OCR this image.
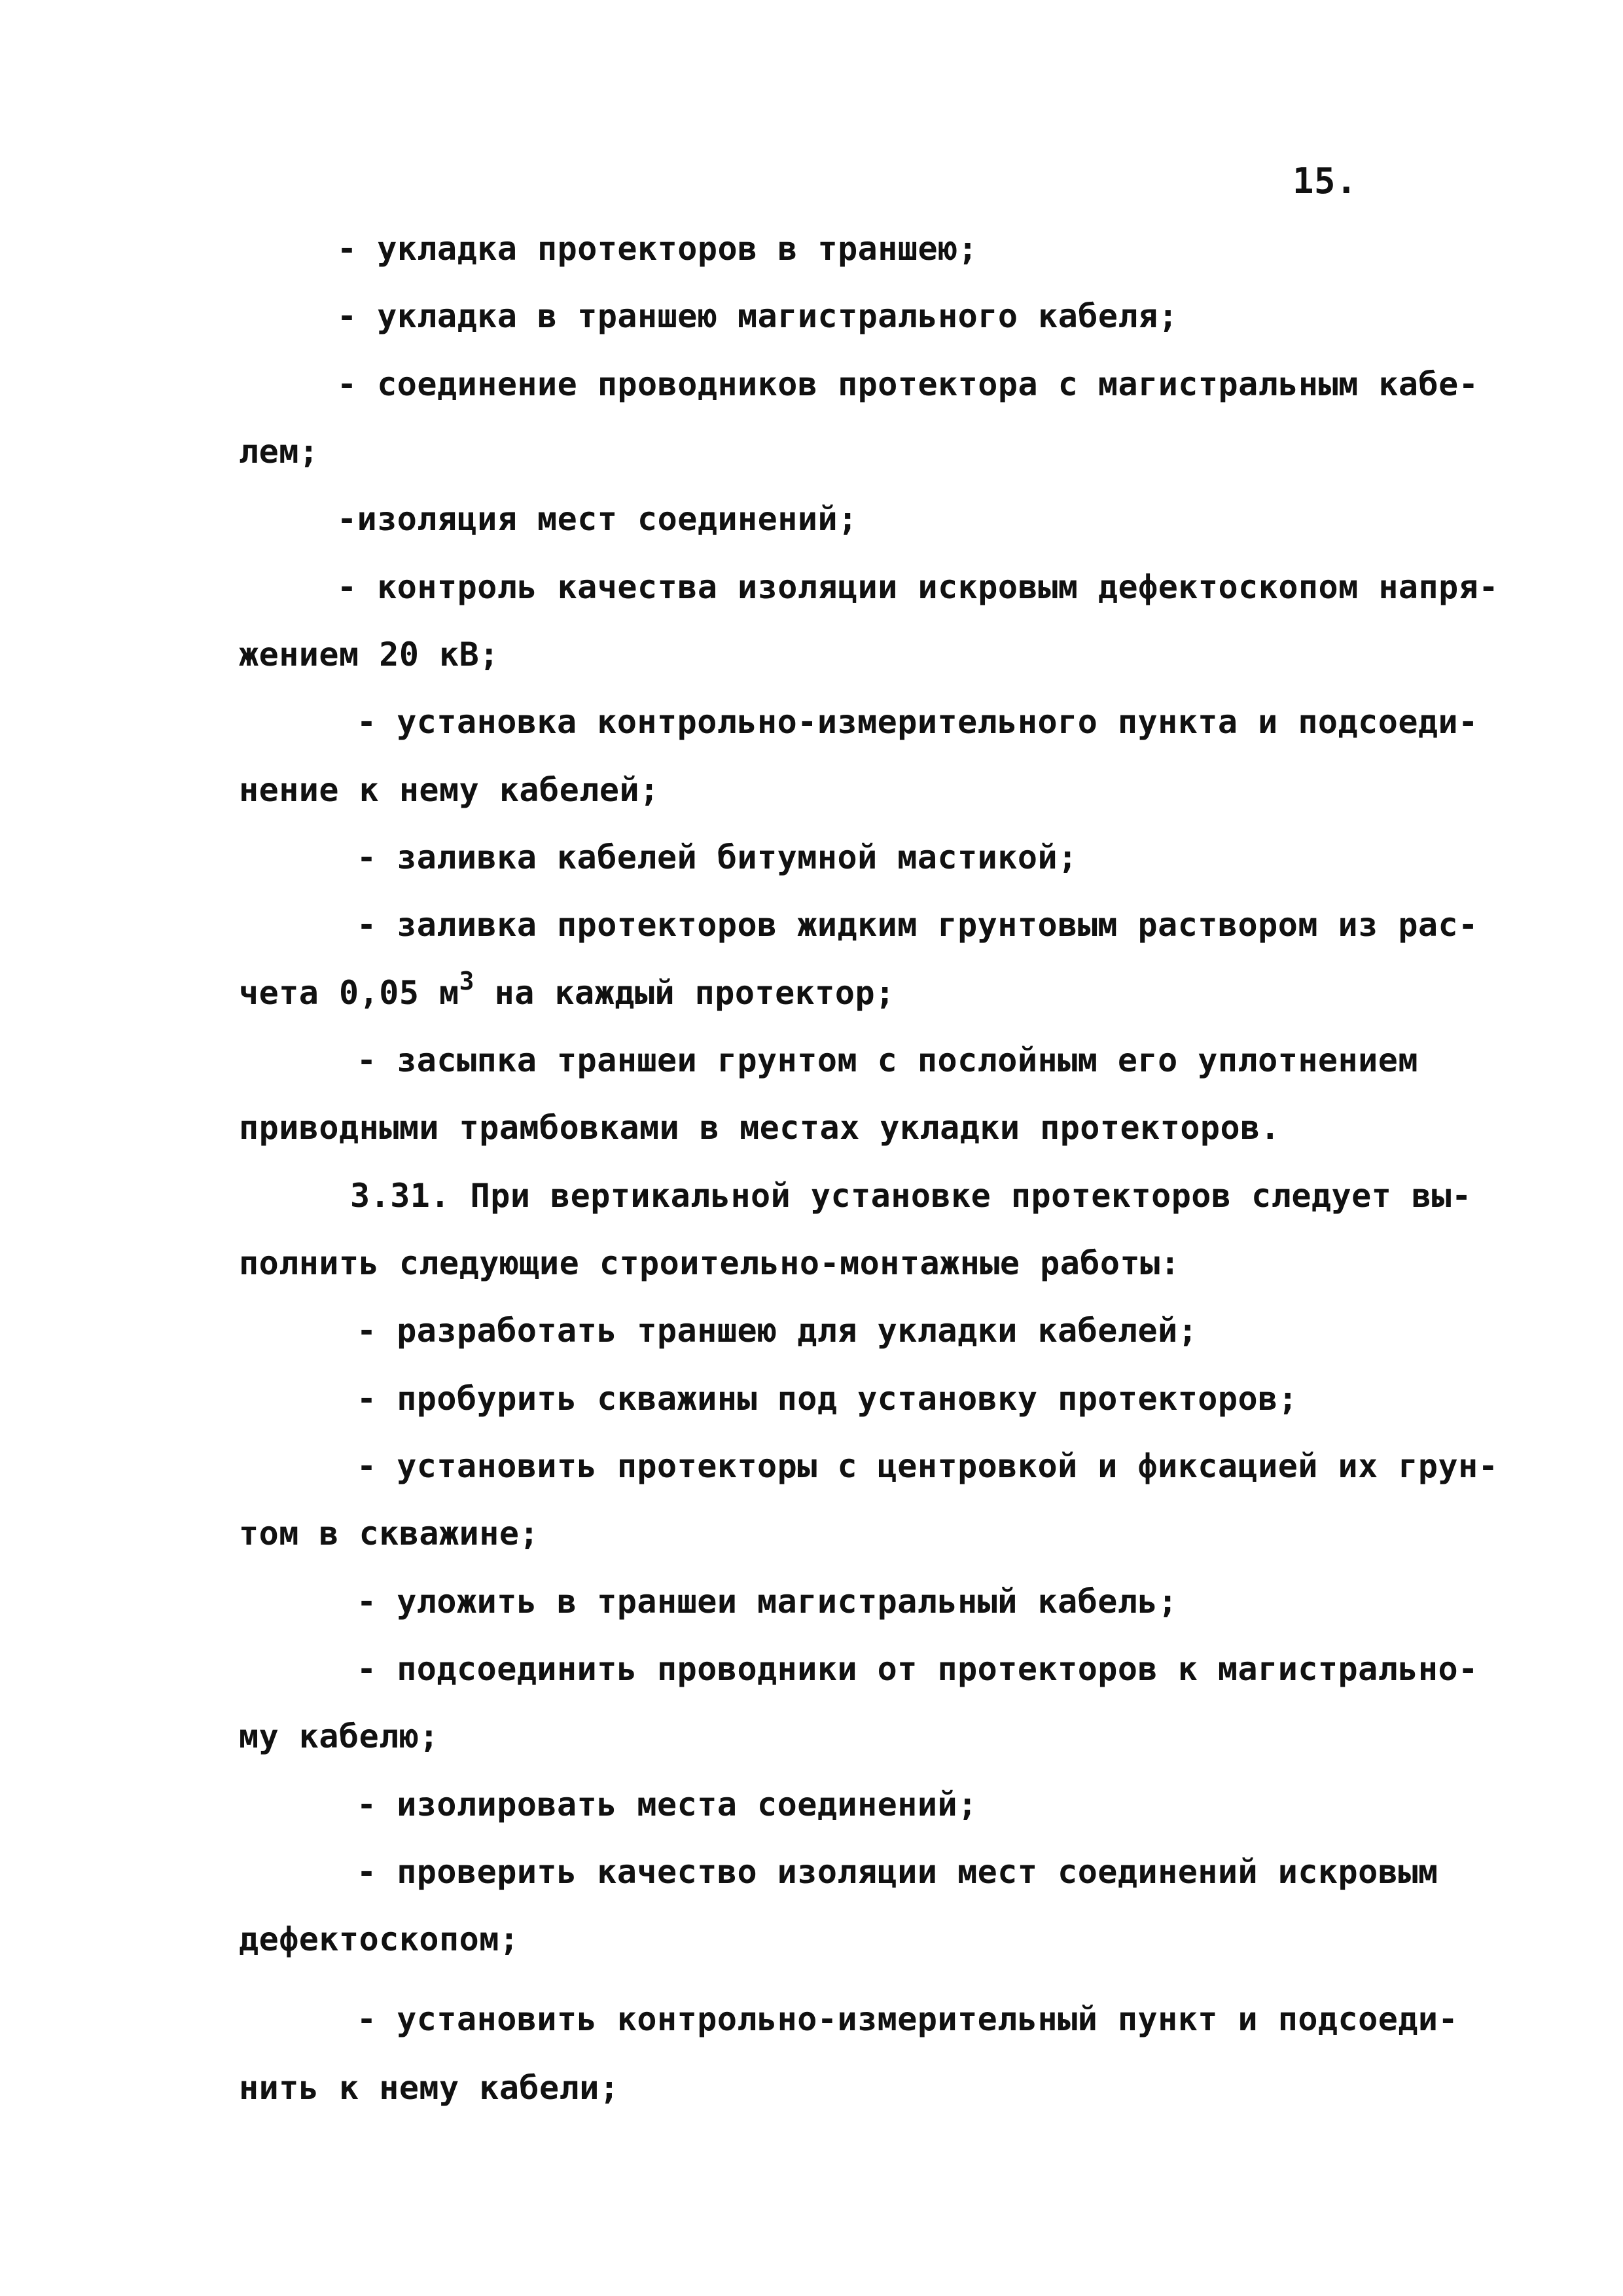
15.
- укладка протекторов в траншею;
- укладка в траншею магистрального кабеля;
- соединение проводников протектора с магистральным кабе-
лем;
-изоляция мест соединений;
- контроль качества изоляции искровым дефектоскопом напря-
жением 20 кВ;
- установка контрольно-измерительного пункта и подсоеди-
нение к нему кабелей;
- заливка кабелей битумной мастикой;
- заливка протекторов жидким грунтовым раствором из рас-
чета 0,05 $м^3$ на каждый протектор;
- засыпка траншеи грунтом с послойным его уплотнением
приводными трамбовками в местах укладки протекторов.
3.31. При вертикальной установке протекторов следует вы-
полнить следующие строительно-монтажные работы:
- разработать траншею для укладки кабелей;
- пробурить скважины под установку протекторов;
- установить протекторы с центровкой и фиксацией их грун-
том в скважине;
- уложить в траншеи магистральный кабель;
- подсоединить проводники от протекторов к магистрально-
му кабелю;
- изолировать места соединений;
- проверить качество изоляции мест соединений искровым
дефектоскопом;
- установить контрольно-измерительный пункт и подсоеди-
нить к нему кабели;
